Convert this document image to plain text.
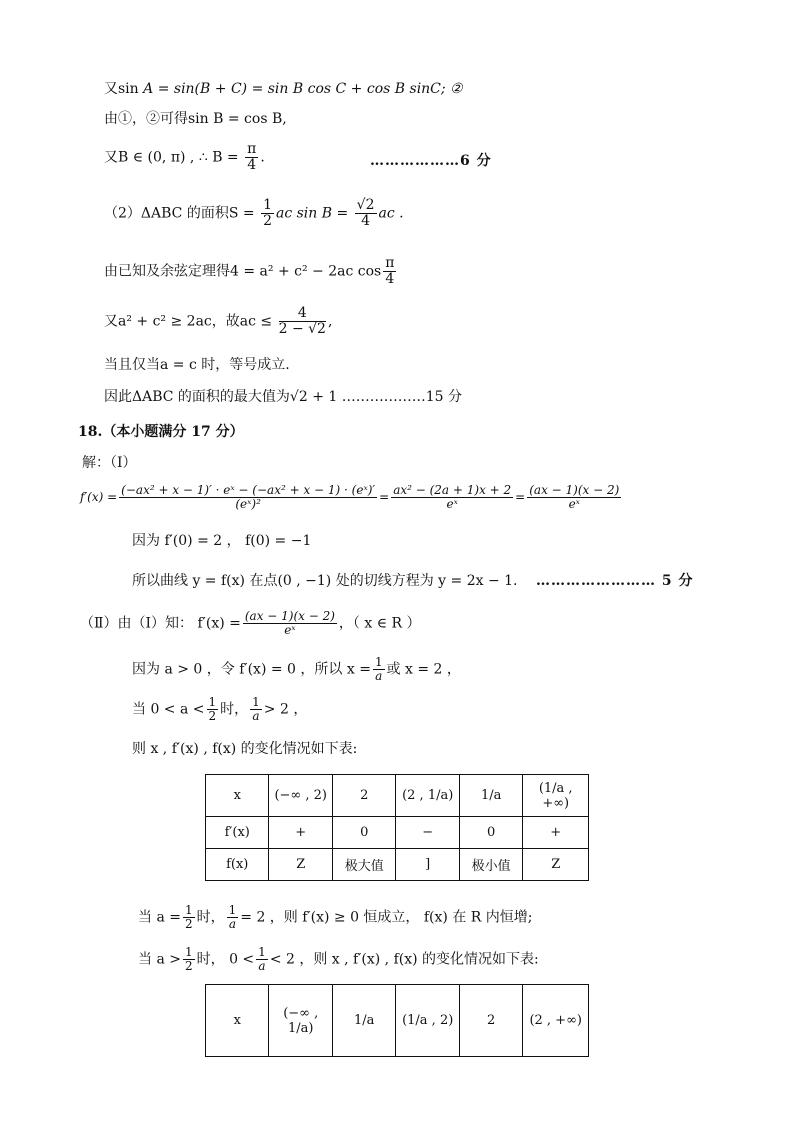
又sin A = sin(B + C) = sin B cos C + cos B sinC; ②
由①，②可得sin B = cos B,
又B ∈ (0, π) , ∴ $B = \frac{\pi}{4}$ .	………………6 分
（2）ΔABC 的面积$S = \frac{1}{2}$ ac $\sin B = \frac{√2}{4}$ ac .
由已知及余弦定理得4 = a² + c² − 2ac $\cos \frac{\pi}{4}$
又a² + c² ≥ 2ac，故ac ≤ $\frac{4}{2 - √2}$ ,
当且仅当a = c 时，等号成立.
因此ΔABC 的面积的最大值为√2 + 1 ………………15 分
18.（本小题满分 17 分）
解：（Ⅰ）
$f'(x) = \frac{\text{(−ax² + x − 1)′ · eˣ − (−ax² + x − 1) · (eˣ)′}}{\text{(eˣ)²}} = \frac{\text{ax² − (2a + 1)x + 2}}{\text{eˣ}} = \frac{(ax - 1)(x - 2)}{\text{eˣ}}$
因为 f′(0) = 2 ， f(0) = −1
所以曲线 y = f(x) 在点(0 , −1) 处的切线方程为 y = 2x − 1. …………………… 5 分
（Ⅱ）由（Ⅰ）知： $f'(x) = \frac{(ax - 1)(x - 2)}{\text{eˣ}}$ ，（ x ∈ R ）
因为 a > 0 ，令 f′(x) = 0 ，所以 $x = \frac{1}{a}$ 或 x = 2 ，
当 $0 < a < \frac{1}{2}$ 时， $\frac{1}{a} > 2$ ，
则 x , f′(x) , f(x) 的变化情况如下表:
x	(−∞ , 2)	2	(2 , 1/a)	1/a	(1/a , +∞)
f′(x)	+	0	−	0	+
f(x)	Z	极大值	]	极小值	Z
当 $a = \frac{1}{2}$ 时， $\frac{1}{a} = 2$ ，则 f′(x) ≥ 0 恒成立， f(x) 在 R 内恒增;
当 $a > \frac{1}{2}$ 时， $0 < \frac{1}{a} < 2$ ，则 x , f′(x) , f(x) 的变化情况如下表:
x	(−∞ , 1/a)	1/a	(1/a , 2)	2	(2 , +∞)
